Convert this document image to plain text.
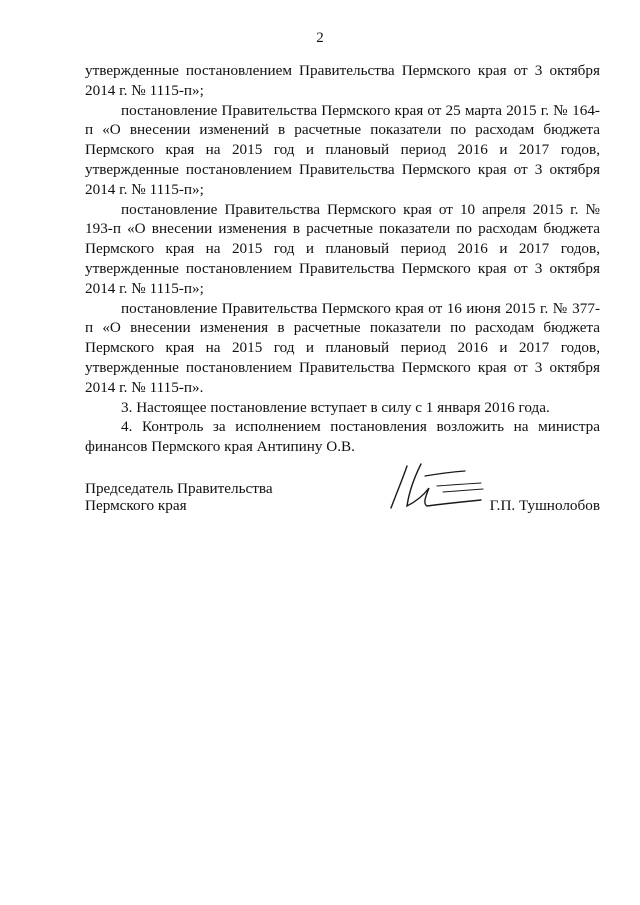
2

утвержденные постановлением Правительства Пермского края от 3 октября 2014 г. № 1115-п»;

постановление Правительства Пермского края от 25 марта 2015 г. № 164-п «О внесении изменений в расчетные показатели по расходам бюджета Пермского края на 2015 год и плановый период 2016 и 2017 годов, утвержденные постановлением Правительства Пермского края от 3 октября 2014 г. № 1115-п»;

постановление Правительства Пермского края от 10 апреля 2015 г. № 193-п «О внесении изменения в расчетные показатели по расходам бюджета Пермского края на 2015 год и плановый период 2016 и 2017 годов, утвержденные постановлением Правительства Пермского края от 3 октября 2014 г. № 1115-п»;

постановление Правительства Пермского края от 16 июня 2015 г. № 377-п «О внесении изменения в расчетные показатели по расходам бюджета Пермского края на 2015 год и плановый период 2016 и 2017 годов, утвержденные постановлением Правительства Пермского края от 3 октября 2014 г. № 1115-п».

3. Настоящее постановление вступает в силу с 1 января 2016 года.

4. Контроль за исполнением постановления возложить на министра финансов Пермского края Антипину О.В.

Председатель Правительства
Пермского края	Г.П. Тушнолобов
